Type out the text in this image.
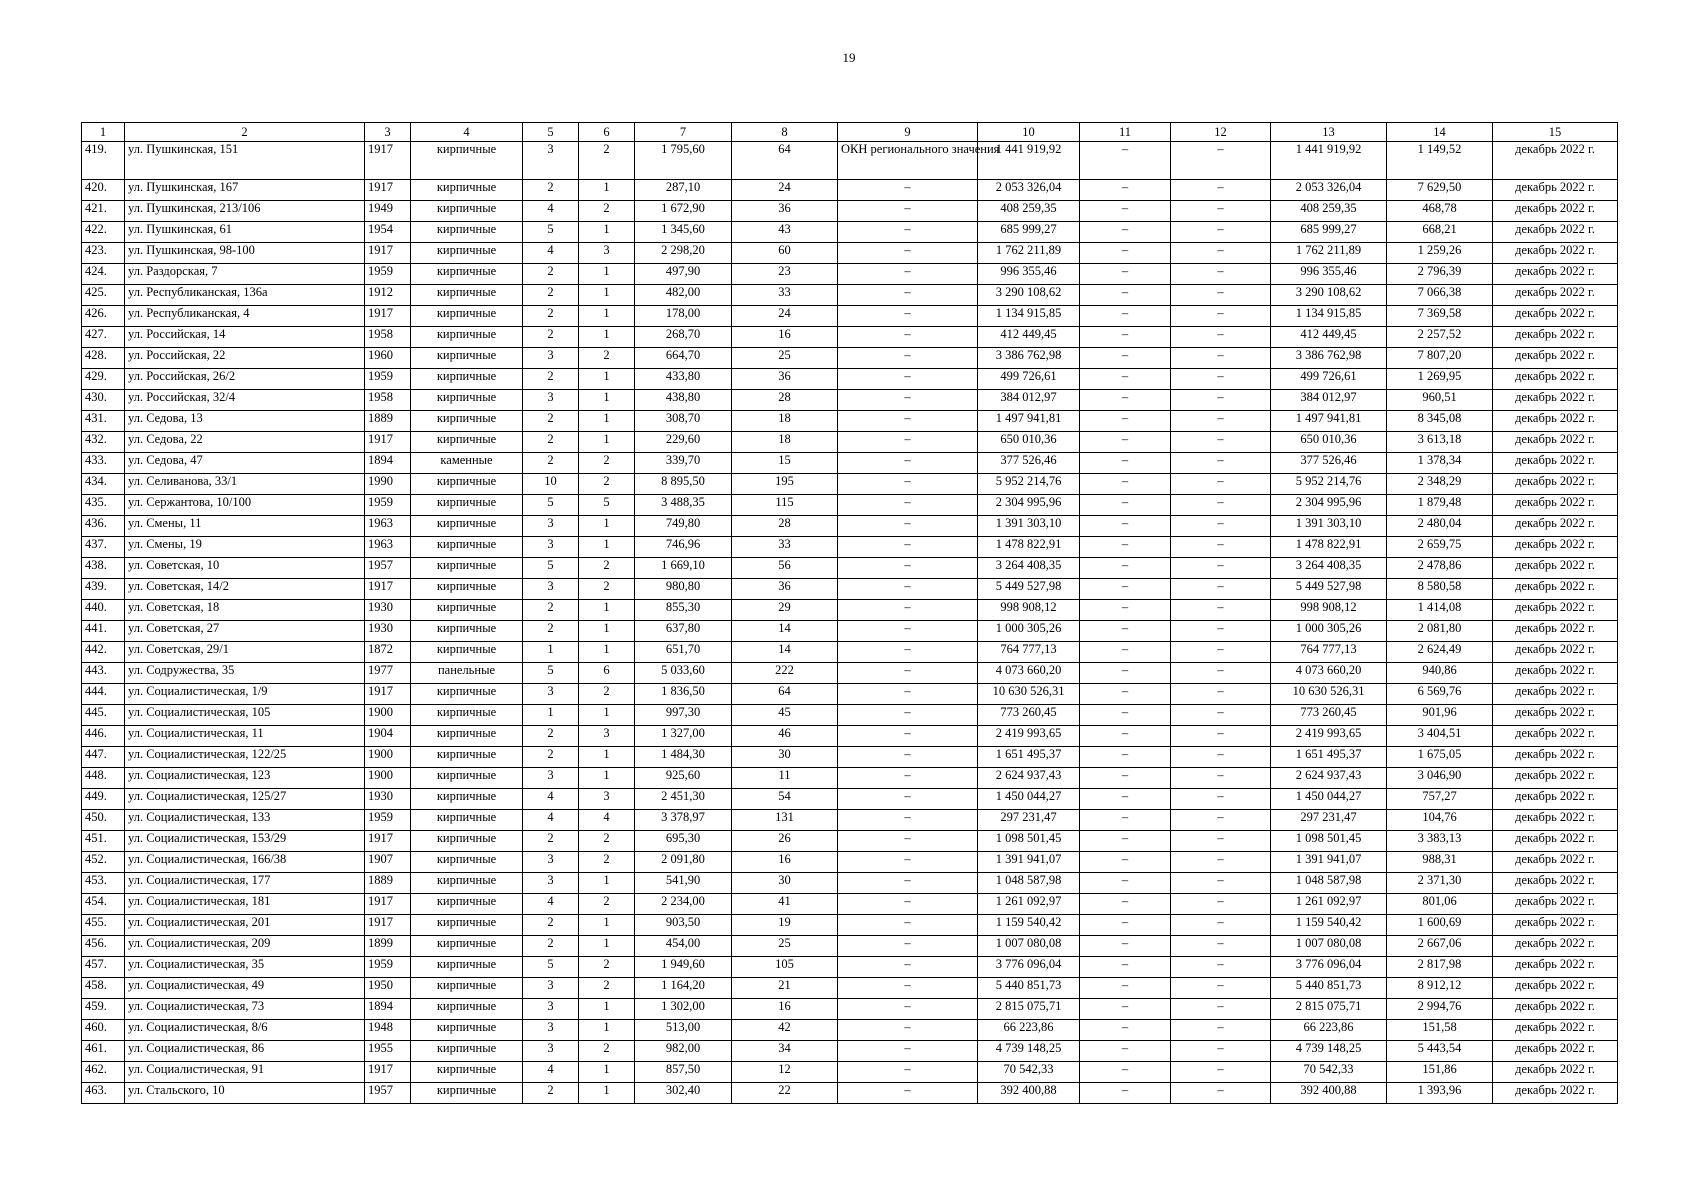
19
1	2	3	4	5	6	7	8	9	10	11	12	13	14	15
419.	ул. Пушкинская, 151	1917	кирпичные	3	2	1 795,60	64	ОКН регионального значения	1 441 919,92	–	–	1 441 919,92	1 149,52	декабрь 2022 г.
420.	ул. Пушкинская, 167	1917	кирпичные	2	1	287,10	24	–	2 053 326,04	–	–	2 053 326,04	7 629,50	декабрь 2022 г.
421.	ул. Пушкинская, 213/106	1949	кирпичные	4	2	1 672,90	36	–	408 259,35	–	–	408 259,35	468,78	декабрь 2022 г.
422.	ул. Пушкинская, 61	1954	кирпичные	5	1	1 345,60	43	–	685 999,27	–	–	685 999,27	668,21	декабрь 2022 г.
423.	ул. Пушкинская, 98-100	1917	кирпичные	4	3	2 298,20	60	–	1 762 211,89	–	–	1 762 211,89	1 259,26	декабрь 2022 г.
424.	ул. Раздорская, 7	1959	кирпичные	2	1	497,90	23	–	996 355,46	–	–	996 355,46	2 796,39	декабрь 2022 г.
425.	ул. Республиканская, 136а	1912	кирпичные	2	1	482,00	33	–	3 290 108,62	–	–	3 290 108,62	7 066,38	декабрь 2022 г.
426.	ул. Республиканская, 4	1917	кирпичные	2	1	178,00	24	–	1 134 915,85	–	–	1 134 915,85	7 369,58	декабрь 2022 г.
427.	ул. Российская, 14	1958	кирпичные	2	1	268,70	16	–	412 449,45	–	–	412 449,45	2 257,52	декабрь 2022 г.
428.	ул. Российская, 22	1960	кирпичные	3	2	664,70	25	–	3 386 762,98	–	–	3 386 762,98	7 807,20	декабрь 2022 г.
429.	ул. Российская, 26/2	1959	кирпичные	2	1	433,80	36	–	499 726,61	–	–	499 726,61	1 269,95	декабрь 2022 г.
430.	ул. Российская, 32/4	1958	кирпичные	3	1	438,80	28	–	384 012,97	–	–	384 012,97	960,51	декабрь 2022 г.
431.	ул. Седова, 13	1889	кирпичные	2	1	308,70	18	–	1 497 941,81	–	–	1 497 941,81	8 345,08	декабрь 2022 г.
432.	ул. Седова, 22	1917	кирпичные	2	1	229,60	18	–	650 010,36	–	–	650 010,36	3 613,18	декабрь 2022 г.
433.	ул. Седова, 47	1894	каменные	2	2	339,70	15	–	377 526,46	–	–	377 526,46	1 378,34	декабрь 2022 г.
434.	ул. Селиванова, 33/1	1990	кирпичные	10	2	8 895,50	195	–	5 952 214,76	–	–	5 952 214,76	2 348,29	декабрь 2022 г.
435.	ул. Сержантова, 10/100	1959	кирпичные	5	5	3 488,35	115	–	2 304 995,96	–	–	2 304 995,96	1 879,48	декабрь 2022 г.
436.	ул. Смены, 11	1963	кирпичные	3	1	749,80	28	–	1 391 303,10	–	–	1 391 303,10	2 480,04	декабрь 2022 г.
437.	ул. Смены, 19	1963	кирпичные	3	1	746,96	33	–	1 478 822,91	–	–	1 478 822,91	2 659,75	декабрь 2022 г.
438.	ул. Советская, 10	1957	кирпичные	5	2	1 669,10	56	–	3 264 408,35	–	–	3 264 408,35	2 478,86	декабрь 2022 г.
439.	ул. Советская, 14/2	1917	кирпичные	3	2	980,80	36	–	5 449 527,98	–	–	5 449 527,98	8 580,58	декабрь 2022 г.
440.	ул. Советская, 18	1930	кирпичные	2	1	855,30	29	–	998 908,12	–	–	998 908,12	1 414,08	декабрь 2022 г.
441.	ул. Советская, 27	1930	кирпичные	2	1	637,80	14	–	1 000 305,26	–	–	1 000 305,26	2 081,80	декабрь 2022 г.
442.	ул. Советская, 29/1	1872	кирпичные	1	1	651,70	14	–	764 777,13	–	–	764 777,13	2 624,49	декабрь 2022 г.
443.	ул. Содружества, 35	1977	панельные	5	6	5 033,60	222	–	4 073 660,20	–	–	4 073 660,20	940,86	декабрь 2022 г.
444.	ул. Социалистическая, 1/9	1917	кирпичные	3	2	1 836,50	64	–	10 630 526,31	–	–	10 630 526,31	6 569,76	декабрь 2022 г.
445.	ул. Социалистическая, 105	1900	кирпичные	1	1	997,30	45	–	773 260,45	–	–	773 260,45	901,96	декабрь 2022 г.
446.	ул. Социалистическая, 11	1904	кирпичные	2	3	1 327,00	46	–	2 419 993,65	–	–	2 419 993,65	3 404,51	декабрь 2022 г.
447.	ул. Социалистическая, 122/25	1900	кирпичные	2	1	1 484,30	30	–	1 651 495,37	–	–	1 651 495,37	1 675,05	декабрь 2022 г.
448.	ул. Социалистическая, 123	1900	кирпичные	3	1	925,60	11	–	2 624 937,43	–	–	2 624 937,43	3 046,90	декабрь 2022 г.
449.	ул. Социалистическая, 125/27	1930	кирпичные	4	3	2 451,30	54	–	1 450 044,27	–	–	1 450 044,27	757,27	декабрь 2022 г.
450.	ул. Социалистическая, 133	1959	кирпичные	4	4	3 378,97	131	–	297 231,47	–	–	297 231,47	104,76	декабрь 2022 г.
451.	ул. Социалистическая, 153/29	1917	кирпичные	2	2	695,30	26	–	1 098 501,45	–	–	1 098 501,45	3 383,13	декабрь 2022 г.
452.	ул. Социалистическая, 166/38	1907	кирпичные	3	2	2 091,80	16	–	1 391 941,07	–	–	1 391 941,07	988,31	декабрь 2022 г.
453.	ул. Социалистическая, 177	1889	кирпичные	3	1	541,90	30	–	1 048 587,98	–	–	1 048 587,98	2 371,30	декабрь 2022 г.
454.	ул. Социалистическая, 181	1917	кирпичные	4	2	2 234,00	41	–	1 261 092,97	–	–	1 261 092,97	801,06	декабрь 2022 г.
455.	ул. Социалистическая, 201	1917	кирпичные	2	1	903,50	19	–	1 159 540,42	–	–	1 159 540,42	1 600,69	декабрь 2022 г.
456.	ул. Социалистическая, 209	1899	кирпичные	2	1	454,00	25	–	1 007 080,08	–	–	1 007 080,08	2 667,06	декабрь 2022 г.
457.	ул. Социалистическая, 35	1959	кирпичные	5	2	1 949,60	105	–	3 776 096,04	–	–	3 776 096,04	2 817,98	декабрь 2022 г.
458.	ул. Социалистическая, 49	1950	кирпичные	3	2	1 164,20	21	–	5 440 851,73	–	–	5 440 851,73	8 912,12	декабрь 2022 г.
459.	ул. Социалистическая, 73	1894	кирпичные	3	1	1 302,00	16	–	2 815 075,71	–	–	2 815 075,71	2 994,76	декабрь 2022 г.
460.	ул. Социалистическая, 8/6	1948	кирпичные	3	1	513,00	42	–	66 223,86	–	–	66 223,86	151,58	декабрь 2022 г.
461.	ул. Социалистическая, 86	1955	кирпичные	3	2	982,00	34	–	4 739 148,25	–	–	4 739 148,25	5 443,54	декабрь 2022 г.
462.	ул. Социалистическая, 91	1917	кирпичные	4	1	857,50	12	–	70 542,33	–	–	70 542,33	151,86	декабрь 2022 г.
463.	ул. Стальского, 10	1957	кирпичные	2	1	302,40	22	–	392 400,88	–	–	392 400,88	1 393,96	декабрь 2022 г.
